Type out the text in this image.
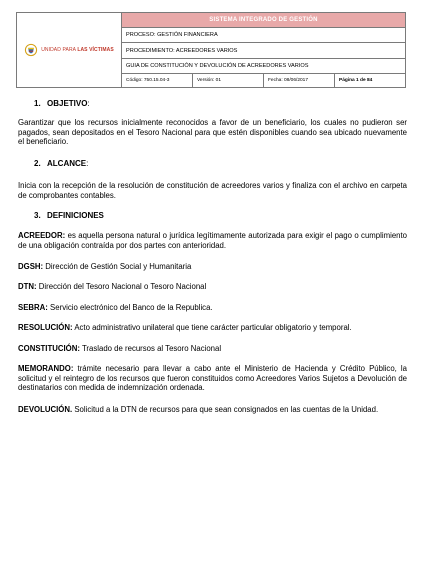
UNIDAD PARA LAS VÍCTIMAS	SISTEMA INTEGRADO DE GESTIÓN			
	PROCESO: GESTIÓN FINANCIERA			
	PROCEDIMIENTO: ACREEDORES VARIOS			
	GUIA DE CONSTITUCIÓN Y DEVOLUCIÓN DE ACREEDORES VARIOS			
	Código: 750.15.04-3	Versión: 01	Fecha: 08/06/2017	Página 1 de 84
1. OBJETIVO:

Garantizar que los recursos inicialmente reconocidos a favor de un beneficiario, los cuales no pudieron ser pagados, sean depositados en el Tesoro Nacional para que estén disponibles cuando sea ubicado nuevamente el beneficiario.

2. ALCANCE:

Inicia con la recepción de la resolución de constitución de acreedores varios y finaliza con el archivo en carpeta de comprobantes contables.

3. DEFINICIONES

ACREEDOR: es aquella persona natural o jurídica legítimamente autorizada para exigir el pago o cumplimiento de una obligación contraída por dos partes con anterioridad.

DGSH: Dirección de Gestión Social y Humanitaria

DTN: Dirección del Tesoro Nacional o Tesoro Nacional

SEBRA: Servicio electrónico del Banco de la Republica.

RESOLUCIÓN: Acto administrativo unilateral que tiene carácter particular obligatorio y temporal.

CONSTITUCIÓN: Traslado de recursos al Tesoro Nacional

MEMORANDO: trámite necesario para llevar a cabo ante el Ministerio de Hacienda y Crédito Público, la solicitud y el reintegro de los recursos que fueron constituidos como Acreedores Varios Sujetos a Devolución de destinatarios con medida de indemnización ordenada.

DEVOLUCIÓN. Solicitud a la DTN de recursos para que sean consignados en las cuentas de la Unidad.
